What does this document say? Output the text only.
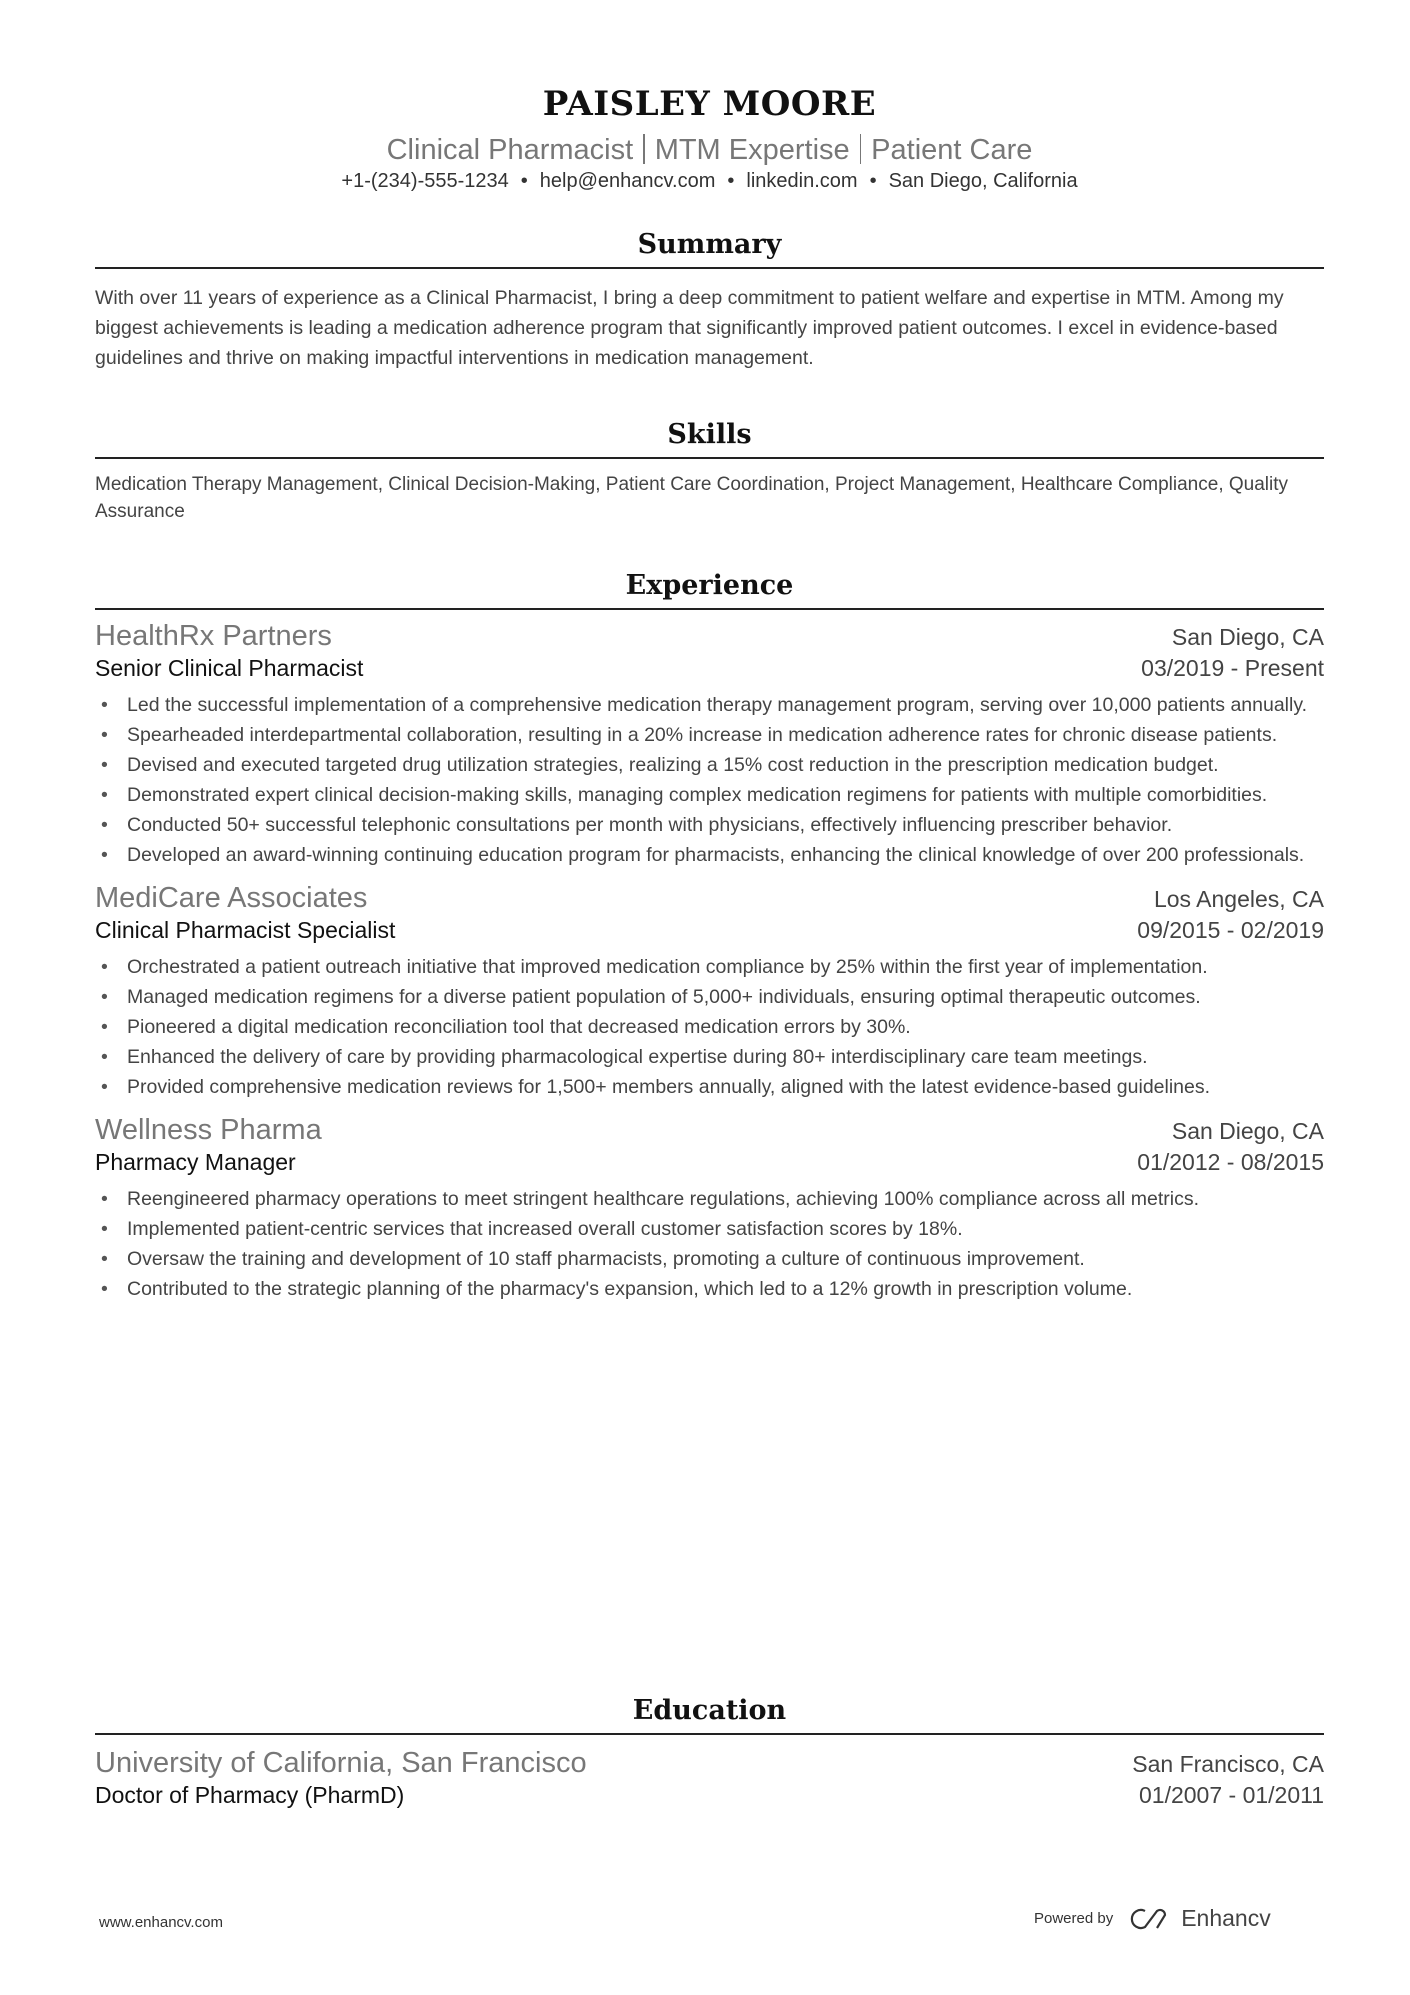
PAISLEY MOORE
Clinical Pharmacist MTM Expertise Patient Care
+1-(234)-555-1234 • help@enhancv.com • linkedin.com • San Diego, California
Summary
With over 11 years of experience as a Clinical Pharmacist, I bring a deep commitment to patient welfare and expertise in MTM. Among my biggest achievements is leading a medication adherence program that significantly improved patient outcomes. I excel in evidence-based guidelines and thrive on making impactful interventions in medication management.
Skills
Medication Therapy Management, Clinical Decision-Making, Patient Care Coordination, Project Management, Healthcare Compliance, Quality Assurance
Experience
HealthRx Partners	San Diego, CA
Senior Clinical Pharmacist	03/2019 - Present
• Led the successful implementation of a comprehensive medication therapy management program, serving over 10,000 patients annually.
• Spearheaded interdepartmental collaboration, resulting in a 20% increase in medication adherence rates for chronic disease patients.
• Devised and executed targeted drug utilization strategies, realizing a 15% cost reduction in the prescription medication budget.
• Demonstrated expert clinical decision-making skills, managing complex medication regimens for patients with multiple comorbidities.
• Conducted 50+ successful telephonic consultations per month with physicians, effectively influencing prescriber behavior.
• Developed an award-winning continuing education program for pharmacists, enhancing the clinical knowledge of over 200 professionals.
MediCare Associates	Los Angeles, CA
Clinical Pharmacist Specialist	09/2015 - 02/2019
• Orchestrated a patient outreach initiative that improved medication compliance by 25% within the first year of implementation.
• Managed medication regimens for a diverse patient population of 5,000+ individuals, ensuring optimal therapeutic outcomes.
• Pioneered a digital medication reconciliation tool that decreased medication errors by 30%.
• Enhanced the delivery of care by providing pharmacological expertise during 80+ interdisciplinary care team meetings.
• Provided comprehensive medication reviews for 1,500+ members annually, aligned with the latest evidence-based guidelines.
Wellness Pharma	San Diego, CA
Pharmacy Manager	01/2012 - 08/2015
• Reengineered pharmacy operations to meet stringent healthcare regulations, achieving 100% compliance across all metrics.
• Implemented patient-centric services that increased overall customer satisfaction scores by 18%.
• Oversaw the training and development of 10 staff pharmacists, promoting a culture of continuous improvement.
• Contributed to the strategic planning of the pharmacy's expansion, which led to a 12% growth in prescription volume.
Education
University of California, San Francisco	San Francisco, CA
Doctor of Pharmacy (PharmD)	01/2007 - 01/2011
www.enhancv.com	Powered by	Enhancv
